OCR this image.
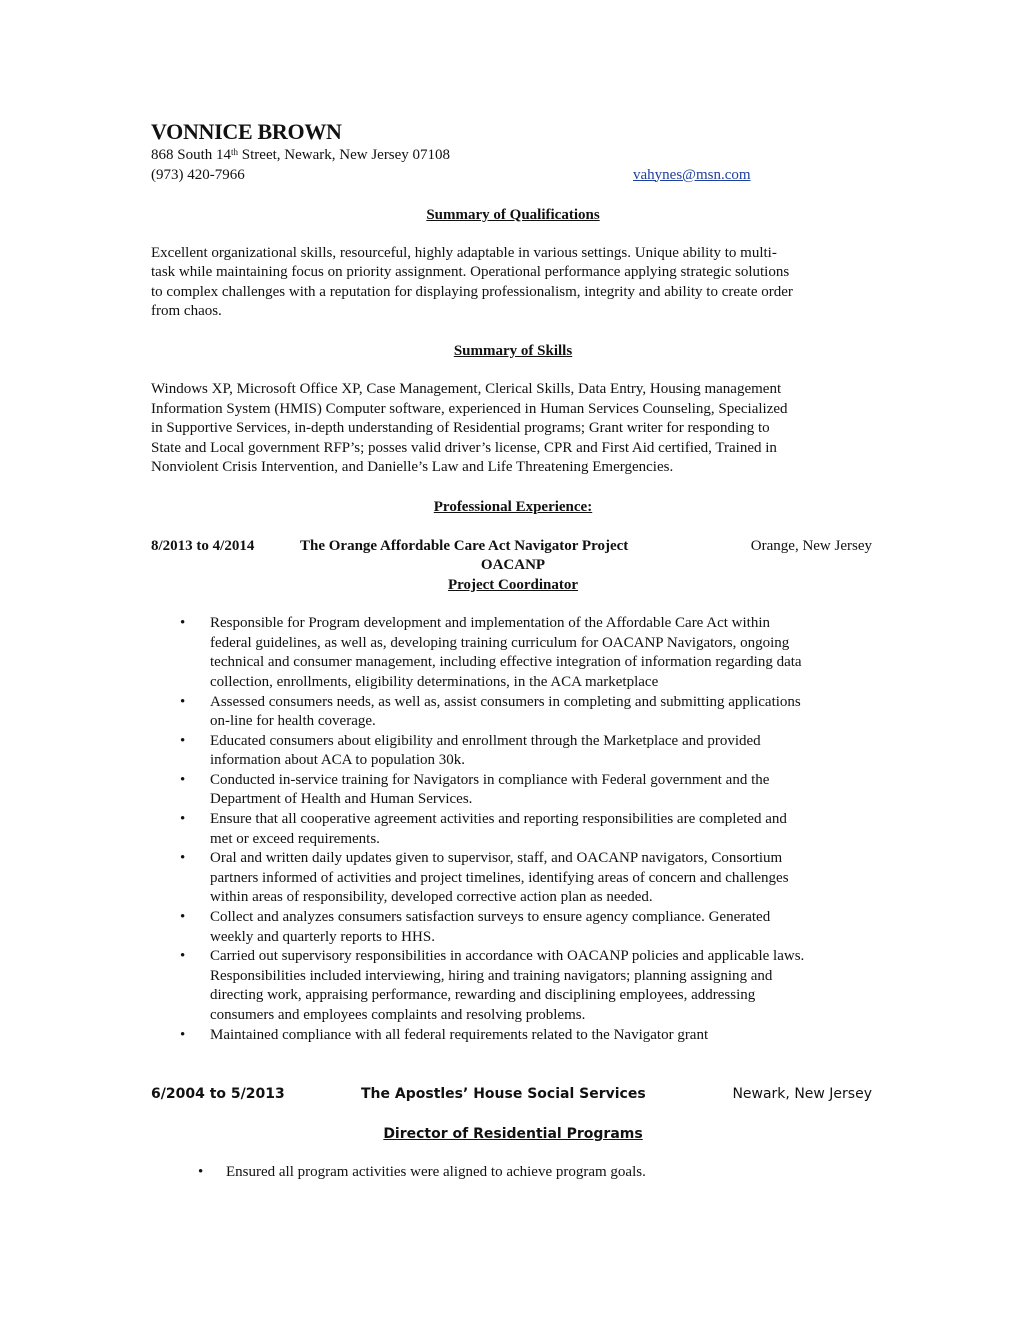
VONNICE BROWN
868 South 14th Street, Newark, New Jersey 07108
(973) 420-7966	vahynes@msn.com
Summary of Qualifications
Excellent organizational skills, resourceful, highly adaptable in various settings. Unique ability to multi-
task while maintaining focus on priority assignment. Operational performance applying strategic solutions
to complex challenges with a reputation for displaying professionalism, integrity and ability to create order
from chaos.
Summary of Skills
Windows XP, Microsoft Office XP, Case Management, Clerical Skills, Data Entry, Housing management
Information System (HMIS) Computer software, experienced in Human Services Counseling, Specialized
in Supportive Services, in-depth understanding of Residential programs; Grant writer for responding to
State and Local government RFP’s; posses valid driver’s license, CPR and First Aid certified, Trained in
Nonviolent Crisis Intervention, and Danielle’s Law and Life Threatening Emergencies.
Professional Experience:
8/2013 to 4/2014	The Orange Affordable Care Act Navigator Project	Orange, New Jersey
OACANP
Project Coordinator
• Responsible for Program development and implementation of the Affordable Care Act within
federal guidelines, as well as, developing training curriculum for OACANP Navigators, ongoing
technical and consumer management, including effective integration of information regarding data
collection, enrollments, eligibility determinations, in the ACA marketplace
• Assessed consumers needs, as well as, assist consumers in completing and submitting applications
on-line for health coverage.
• Educated consumers about eligibility and enrollment through the Marketplace and provided
information about ACA to population 30k.
• Conducted in-service training for Navigators in compliance with Federal government and the
Department of Health and Human Services.
• Ensure that all cooperative agreement activities and reporting responsibilities are completed and
met or exceed requirements.
• Oral and written daily updates given to supervisor, staff, and OACANP navigators, Consortium
partners informed of activities and project timelines, identifying areas of concern and challenges
within areas of responsibility, developed corrective action plan as needed.
• Collect and analyzes consumers satisfaction surveys to ensure agency compliance. Generated
weekly and quarterly reports to HHS.
• Carried out supervisory responsibilities in accordance with OACANP policies and applicable laws.
Responsibilities included interviewing, hiring and training navigators; planning assigning and
directing work, appraising performance, rewarding and disciplining employees, addressing
consumers and employees complaints and resolving problems.
• Maintained compliance with all federal requirements related to the Navigator grant
6/2004 to 5/2013	The Apostles’ House Social Services	Newark, New Jersey
Director of Residential Programs
• Ensured all program activities were aligned to achieve program goals.
